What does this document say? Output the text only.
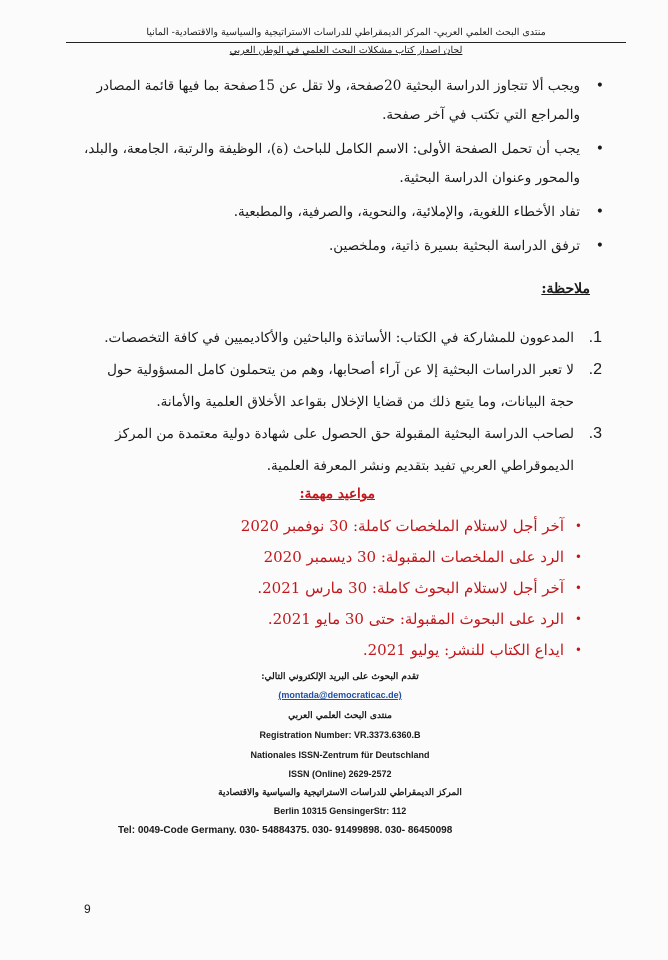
منتدى البحث العلمي العربي- المركز الديمقراطي للدراسات الاستراتيجية والسياسية والاقتصادية- ألمانيا
لجان اصدار كتاب مشكلات البحث العلمي في الوطن العربي
• ويجب ألا تتجاوز الدراسة البحثية 20صفحة، ولا تقل عن 15صفحة بما فيها قائمة المصادر والمراجع التي تكتب في آخر صفحة.
• يجب أن تحمل الصفحة الأولى: الاسم الكامل للباحث (ة)، الوظيفة والرتبة، الجامعة، والبلد، والمحور وعنوان الدراسة البحثية.
• تفاد الأخطاء اللغوية، والإملائية، والنحوية، والصرفية، والمطبعية.
• ترفق الدراسة البحثية بسيرة ذاتية، وملخصين.
ملاحظة:
1.
المدعوون للمشاركة في الكتاب: الأساتذة والباحثين والأكاديميين في كافة التخصصات.
2.
لا تعبر الدراسات البحثية إلا عن آراء أصحابها، وهم من يتحملون كامل المسؤولية حول حجة البيانات، وما يتبع ذلك من قضايا الإخلال بقواعد الأخلاق العلمية والأمانة.
3.
لصاحب الدراسة البحثية المقبولة حق الحصول على شهادة دولية معتمدة من المركز الديموقراطي العربي تفيد بتقديم ونشر المعرفة العلمية.
مواعيد مهمة:
• آخر أجل لاستلام الملخصات كاملة: 30 نوفمبر 2020
• الرد على الملخصات المقبولة: 30 ديسمبر 2020
• آخر أجل لاستلام البحوث كاملة: 30 مارس 2021.
• الرد على البحوث المقبولة: حتى 30 مايو 2021.
• ايداع الكتاب للنشر: يوليو 2021.
تقدم البحوث على البريد الإلكتروني التالي:
(montada@democraticac.de)
منتدى البحث العلمي العربي
Registration Number: VR.3373.6360.B
Nationales ISSN-Zentrum für Deutschland
ISSN (Online) 2629-2572
المركز الديمقراطي للدراسات الاستراتيجية والسياسية والاقتصادية
Berlin 10315 GensingerStr: 112
Tel: 0049-Code Germany. 030- 54884375. 030- 91499898. 030- 86450098
9
